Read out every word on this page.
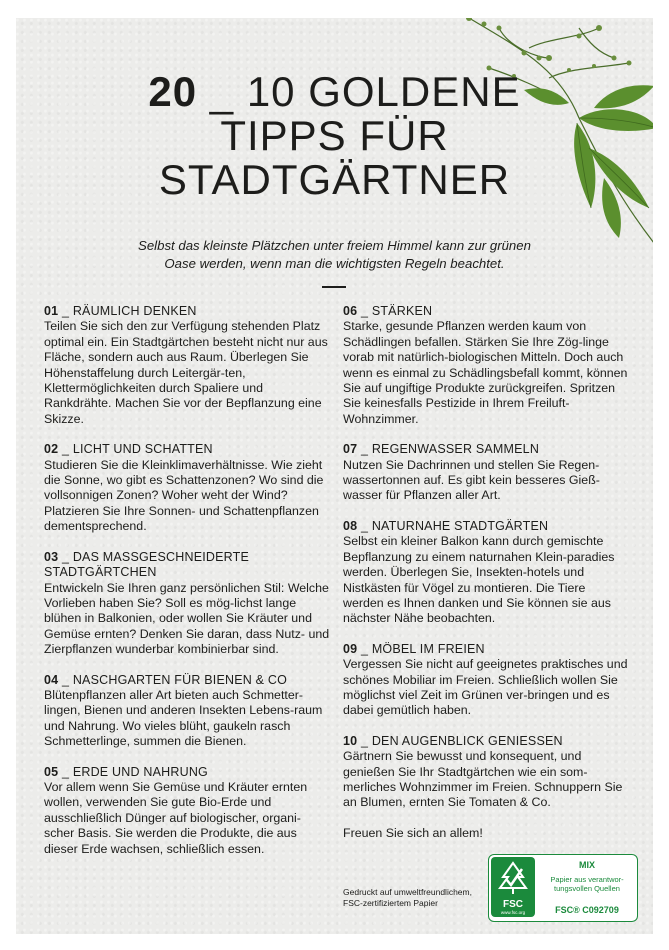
20 _ 10 GOLDENE
TIPPS FÜR
STADTGÄRTNER
Selbst das kleinste Plätzchen unter freiem Himmel kann zur grünen
Oase werden, wenn man die wichtigsten Regeln beachtet.
01 _ RÄUMLICH DENKEN

Teilen Sie sich den zur Verfügung stehenden Platz optimal ein. Ein Stadtgärtchen besteht nicht nur aus Fläche, sondern auch aus Raum. Überlegen Sie Höhenstaffelung durch Leitergär-ten, Klettermöglichkeiten durch Spaliere und Rankdrähte. Machen Sie vor der Bepflanzung eine Skizze.

02 _ LICHT UND SCHATTEN

Studieren Sie die Kleinklimaverhältnisse. Wie zieht die Sonne, wo gibt es Schattenzonen? Wo sind die vollsonnigen Zonen? Woher weht der Wind? Platzieren Sie Ihre Sonnen- und Schattenpflanzen dementsprechend.

03 _ DAS MASSGESCHNEIDERTE STADTGÄRTCHEN

Entwickeln Sie Ihren ganz persönlichen Stil: Welche Vorlieben haben Sie? Soll es mög-lichst lange blühen in Balkonien, oder wollen Sie Kräuter und Gemüse ernten? Denken Sie daran, dass Nutz- und Zierpflanzen wunderbar kombinierbar sind.

04 _ NASCHGARTEN FÜR BIENEN & CO

Blütenpflanzen aller Art bieten auch Schmetter-lingen, Bienen und anderen Insekten Lebens-raum und Nahrung. Wo vieles blüht, gaukeln rasch Schmetterlinge, summen die Bienen.

05 _ ERDE UND NAHRUNG

Vor allem wenn Sie Gemüse und Kräuter ernten wollen, verwenden Sie gute Bio-Erde und ausschließlich Dünger auf biologischer, organi-scher Basis. Sie werden die Produkte, die aus dieser Erde wachsen, schließlich essen.

06 _ STÄRKEN

Starke, gesunde Pflanzen werden kaum von Schädlingen befallen. Stärken Sie Ihre Zög-linge vorab mit natürlich-biologischen Mitteln. Doch auch wenn es einmal zu Schädlingsbefall kommt, können Sie auf ungiftige Produkte zurückgreifen. Spritzen Sie keinesfalls Pestizide in Ihrem Freiluft-Wohnzimmer.

07 _ REGENWASSER SAMMELN

Nutzen Sie Dachrinnen und stellen Sie Regen-wassertonnen auf. Es gibt kein besseres Gieß-wasser für Pflanzen aller Art.

08 _ NATURNAHE STADTGÄRTEN

Selbst ein kleiner Balkon kann durch gemischte Bepflanzung zu einem naturnahen Klein-paradies werden. Überlegen Sie, Insekten-hotels und Nistkästen für Vögel zu montieren. Die Tiere werden es Ihnen danken und Sie können sie aus nächster Nähe beobachten.

09 _ MÖBEL IM FREIEN

Vergessen Sie nicht auf geeignetes praktisches und schönes Mobiliar im Freien. Schließlich wollen Sie möglichst viel Zeit im Grünen ver-bringen und es dabei gemütlich haben.

10 _ DEN AUGENBLICK GENIESSEN

Gärtnern Sie bewusst und konsequent, und genießen Sie Ihr Stadtgärtchen wie ein som-merliches Wohnzimmer im Freien. Schnuppern Sie an Blumen, ernten Sie Tomaten & Co.

Freuen Sie sich an allem!
Gedruckt auf umweltfreundlichem, FSC-zertifiziertem Papier	FSC
www.fsc.org
MIX
Papier aus verantwor-tungsvollen Quellen
FSC® C092709
